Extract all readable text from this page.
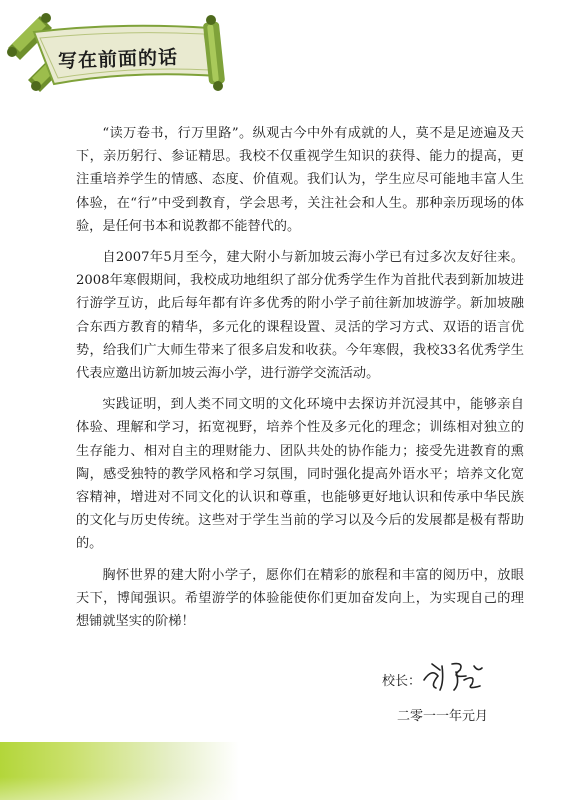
写在前面的话

“读万卷书，行万里路”。纵观古今中外有成就的人，莫不是足迹遍及天下，亲历躬行、参证精思。我校不仅重视学生知识的获得、能力的提高，更注重培养学生的情感、态度、价值观。我们认为，学生应尽可能地丰富人生体验，在“行”中受到教育，学会思考，关注社会和人生。那种亲历现场的体验，是任何书本和说教都不能替代的。

自2007年5月至今，建大附小与新加坡云海小学已有过多次友好往来。2008年寒假期间，我校成功地组织了部分优秀学生作为首批代表到新加坡进行游学互访，此后每年都有许多优秀的附小学子前往新加坡游学。新加坡融合东西方教育的精华，多元化的课程设置、灵活的学习方式、双语的语言优势，给我们广大师生带来了很多启发和收获。今年寒假，我校33名优秀学生代表应邀出访新加坡云海小学，进行游学交流活动。

实践证明，到人类不同文明的文化环境中去探访并沉浸其中，能够亲自体验、理解和学习，拓宽视野，培养个性及多元化的理念；训练相对独立的生存能力、相对自主的理财能力、团队共处的协作能力；接受先进教育的熏陶，感受独特的教学风格和学习氛围，同时强化提高外语水平；培养文化宽容精神，增进对不同文化的认识和尊重，也能够更好地认识和传承中华民族的文化与历史传统。这些对于学生当前的学习以及今后的发展都是极有帮助的。

胸怀世界的建大附小学子，愿你们在精彩的旅程和丰富的阅历中，放眼天下，博闻强识。希望游学的体验能使你们更加奋发向上，为实现自己的理想铺就坚实的阶梯！

校长：
二零一一年元月
